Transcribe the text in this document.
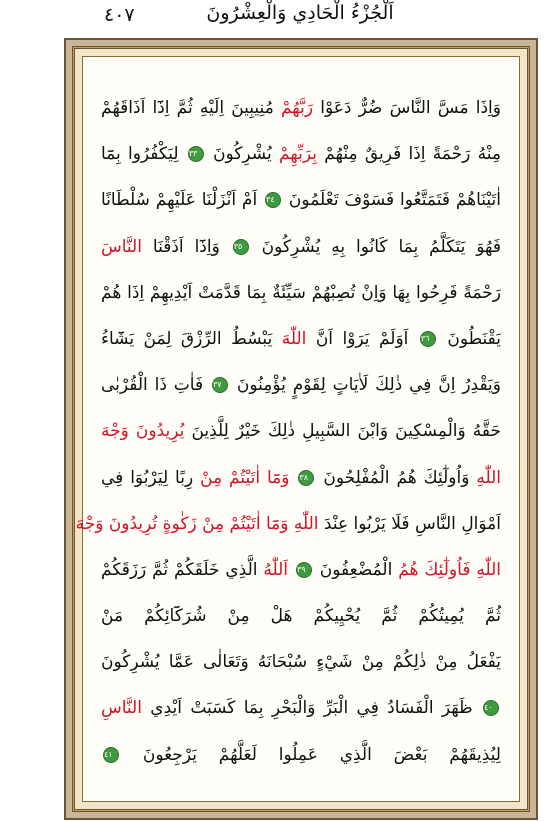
٤٠٧	اَلْجُزْءُ الْحَادِي وَالْعِشْرُونَ
وَاِذَا مَسَّ النَّاسَ ضُرٌّ دَعَوْا رَبَّهُمْ مُنِيبِينَ اِلَيْهِ ثُمَّ اِذَٓا اَذَاقَهُمْ
مِنْهُ رَحْمَةً اِذَا فَرِيقٌ مِنْهُمْ بِرَبِّهِمْ يُشْرِكُونَ ٣٣ لِيَكْفُرُوا بِمَٓا
اٰتَيْنَاهُمْ فَتَمَتَّعُوا فَسَوْفَ تَعْلَمُونَ ٣٤ اَمْ اَنْزَلْنَا عَلَيْهِمْ سُلْطَانًا
فَهُوَ يَتَكَلَّمُ بِمَا كَانُوا بِهِ يُشْرِكُونَ ٣٥ وَاِذَٓا اَذَقْنَا النَّاسَ
رَحْمَةً فَرِحُوا بِهَا وَاِنْ تُصِبْهُمْ سَيِّئَةٌ بِمَا قَدَّمَتْ اَيْدِيهِمْ اِذَا هُمْ
يَقْنَطُونَ ٣٦ اَوَلَمْ يَرَوْا اَنَّ اللّٰهَ يَبْسُطُ الرِّزْقَ لِمَنْ يَشَٓاءُ
وَيَقْدِرُ اِنَّ فِي ذٰلِكَ لَاٰيَاتٍ لِقَوْمٍ يُؤْمِنُونَ ٣٧ فَاٰتِ ذَا الْقُرْبٰى
حَقَّهُ وَالْمِسْكِينَ وَابْنَ السَّبِيلِ ذٰلِكَ خَيْرٌ لِلَّذِينَ يُرِيدُونَ وَجْهَ
اللّٰهِ وَاُولٰٓئِكَ هُمُ الْمُفْلِحُونَ ٣٨ وَمَٓا اٰتَيْتُمْ مِنْ رِبًا لِيَرْبُوَا فِي
اَمْوَالِ النَّاسِ فَلَا يَرْبُوا عِنْدَ اللّٰهِ وَمَٓا اٰتَيْتُمْ مِنْ زَكٰوةٍ تُرِيدُونَ وَجْهَ
اللّٰهِ فَاُولٰٓئِكَ هُمُ الْمُضْعِفُونَ ٣٩ اَللّٰهُ الَّذِي خَلَقَكُمْ ثُمَّ رَزَقَكُمْ
ثُمَّ يُمِيتُكُمْ ثُمَّ يُحْيِيكُمْ هَلْ مِنْ شُرَكَٓائِكُمْ مَنْ
يَفْعَلُ مِنْ ذٰلِكُمْ مِنْ شَيْءٍ سُبْحَانَهُ وَتَعَالٰى عَمَّا يُشْرِكُونَ
٤٠ ظَهَرَ الْفَسَادُ فِي الْبَرِّ وَالْبَحْرِ بِمَا كَسَبَتْ اَيْدِي النَّاسِ
لِيُذِيقَهُمْ بَعْضَ الَّذِي عَمِلُوا لَعَلَّهُمْ يَرْجِعُونَ ٤١
